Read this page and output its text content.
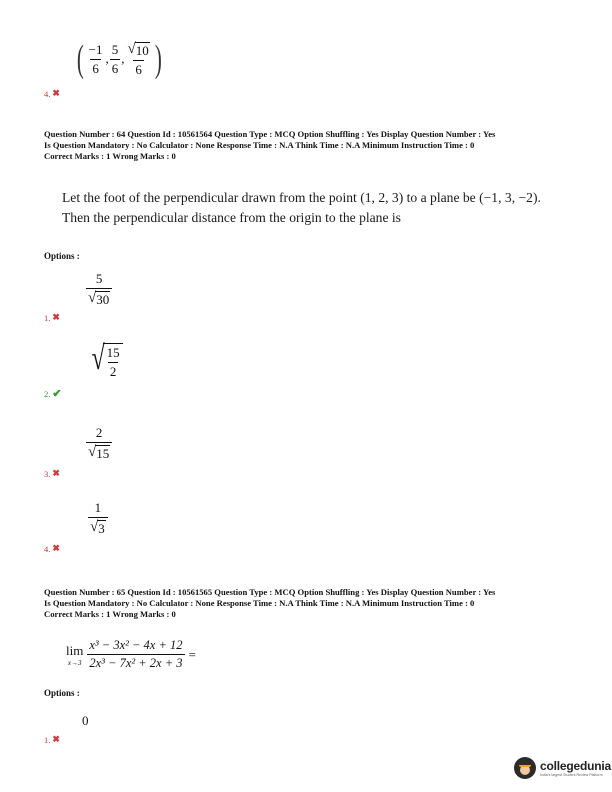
( $\frac{-1}{6}$ , $\frac{5}{6}$ , $\frac{√ 10}{6}$ )
4. ✖
Question Number : 64 Question Id : 10561564 Question Type : MCQ Option Shuffling : Yes Display Question Number : Yes
Is Question Mandatory : No Calculator : None Response Time : N.A Think Time : N.A Minimum Instruction Time : 0
Correct Marks : 1 Wrong Marks : 0
Let the foot of the perpendicular drawn from the point (1, 2, 3) to a plane be (−1, 3, −2).
Then the perpendicular distance from the origin to the plane is
Options :
$\frac{5}{√ 30}$
1. ✖
√ $\frac{15}{2}$
2. ✔
$\frac{2}{√ 15}$
3. ✖
$\frac{1}{√ 3}$
4. ✖
Question Number : 65 Question Id : 10561565 Question Type : MCQ Option Shuffling : Yes Display Question Number : Yes
Is Question Mandatory : No Calculator : None Response Time : N.A Think Time : N.A Minimum Instruction Time : 0
Correct Marks : 1 Wrong Marks : 0
lim
$x\to 3 \frac{\text{x³ − 3x² − 4x + 12}}{\text{2x³ − 7x² + 2x + 3}}$ =
Options :
0
1. ✖
collegedunia
India's largest Student Review Platform
